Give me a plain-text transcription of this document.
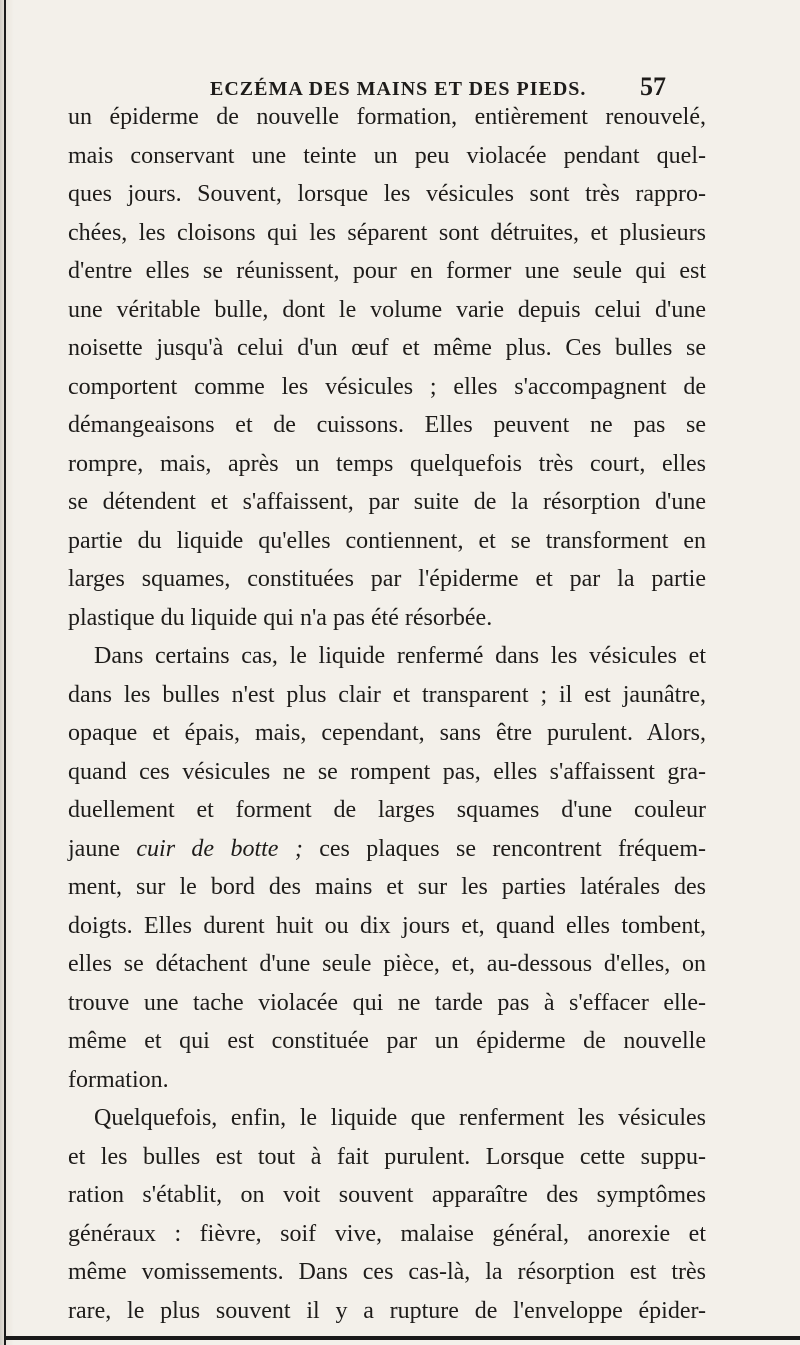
ECZÉMA DES MAINS ET DES PIEDS.	57
un épiderme de nouvelle formation, entièrement renouvelé,
mais conservant une teinte un peu violacée pendant quel-
ques jours. Souvent, lorsque les vésicules sont très rappro-
chées, les cloisons qui les séparent sont détruites, et plusieurs
d'entre elles se réunissent, pour en former une seule qui est
une véritable bulle, dont le volume varie depuis celui d'une
noisette jusqu'à celui d'un œuf et même plus. Ces bulles se
comportent comme les vésicules ; elles s'accompagnent de
démangeaisons et de cuissons. Elles peuvent ne pas se
rompre, mais, après un temps quelquefois très court, elles
se détendent et s'affaissent, par suite de la résorption d'une
partie du liquide qu'elles contiennent, et se transforment en
larges squames, constituées par l'épiderme et par la partie
plastique du liquide qui n'a pas été résorbée.
Dans certains cas, le liquide renfermé dans les vésicules et
dans les bulles n'est plus clair et transparent ; il est jaunâtre,
opaque et épais, mais, cependant, sans être purulent. Alors,
quand ces vésicules ne se rompent pas, elles s'affaissent gra-
duellement et forment de larges squames d'une couleur
jaune cuir de botte ; ces plaques se rencontrent fréquem-
ment, sur le bord des mains et sur les parties latérales des
doigts. Elles durent huit ou dix jours et, quand elles tombent,
elles se détachent d'une seule pièce, et, au-dessous d'elles, on
trouve une tache violacée qui ne tarde pas à s'effacer elle-
même et qui est constituée par un épiderme de nouvelle
formation.
Quelquefois, enfin, le liquide que renferment les vésicules
et les bulles est tout à fait purulent. Lorsque cette suppu-
ration s'établit, on voit souvent apparaître des symptômes
généraux : fièvre, soif vive, malaise général, anorexie et
même vomissements. Dans ces cas-là, la résorption est très
rare, le plus souvent il y a rupture de l'enveloppe épider-
